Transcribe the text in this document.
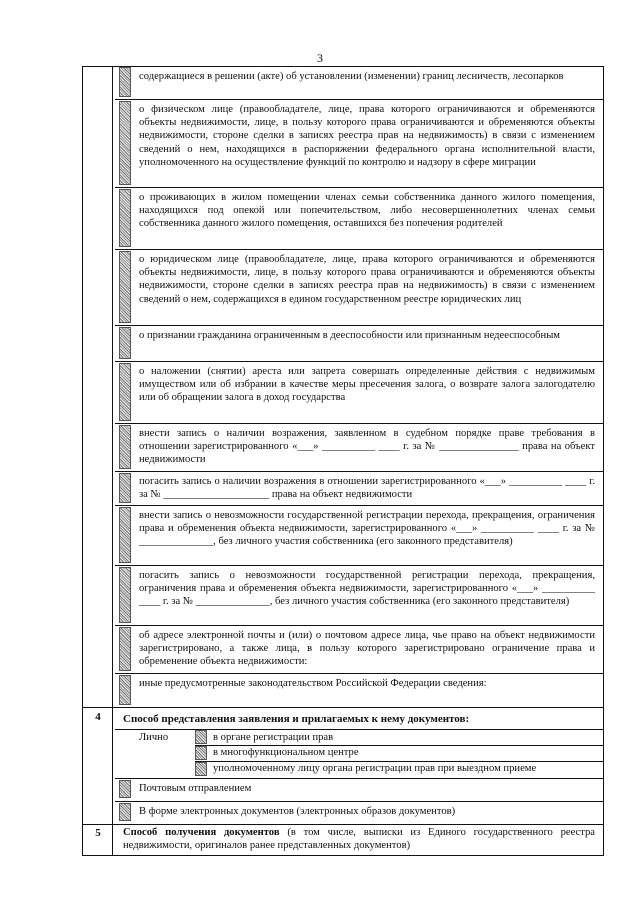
3
содержащиеся в решении (акте) об установлении (изменении) границ лесничеств, лесопарков
о физическом лице (правообладателе, лице, права которого ограничиваются и обременяются объекты недвижимости, лице, в пользу которого права ограничиваются и обременяются объекты недвижимости, стороне сделки в записях реестра прав на недвижимость) в связи с изменением сведений о нем, находящихся в распоряжении федерального органа исполнительной власти, уполномоченного на осуществление функций по контролю и надзору в сфере миграции
о проживающих в жилом помещении членах семьи собственника данного жилого помещения, находящихся под опекой или попечительством, либо несовершеннолетних членах семьи собственника данного жилого помещения, оставшихся без попечения родителей
о юридическом лице (правообладателе, лице, права которого ограничиваются и обременяются объекты недвижимости, лице, в пользу которого права ограничиваются и обременяются объекты недвижимости, стороне сделки в записях реестра прав на недвижимость) в связи с изменением сведений о нем, содержащихся в едином государственном реестре юридических лиц
о признании гражданина ограниченным в дееспособности или признанным недееспособным
о наложении (снятии) ареста или запрета совершать определенные действия с недвижимым имуществом или об избрании в качестве меры пресечения залога, о возврате залога залогодателю или об обращении залога в доход государства
внести запись о наличии возражения, заявленном в судебном порядке праве требования в отношении зарегистрированного «___» __________ ____ г. за № _______________ права на объект недвижимости
погасить запись о наличии возражения в отношении зарегистрированного «___» __________ ____ г. за № ____________________ права на объект недвижимости
внести запись о невозможности государственной регистрации перехода, прекращения, ограничения права и обременения объекта недвижимости, зарегистрированного «___» __________ ____ г. за № ______________, без личного участия собственника (его законного представителя)
погасить запись о невозможности государственной регистрации перехода, прекращения, ограничения права и обременения объекта недвижимости, зарегистрированного «___» __________ ____ г. за № ______________, без личного участия собственника (его законного представителя)
об адресе электронной почты и (или) о почтовом адресе лица, чье право на объект недвижимости зарегистрировано, а также лица, в пользу которого зарегистрировано ограничение права и обременение объекта недвижимости:
иные предусмотренные законодательством Российской Федерации сведения:
4	Способ представления заявления и прилагаемых к нему документов:
Лично	в органе регистрации прав
в многофункциональном центре
уполномоченному лицу органа регистрации прав при выездном приеме
Почтовым отправлением
В форме электронных документов (электронных образов документов)
5	Способ получения документов (в том числе, выписки из Единого государственного реестра недвижимости, оригиналов ранее представленных документов)
